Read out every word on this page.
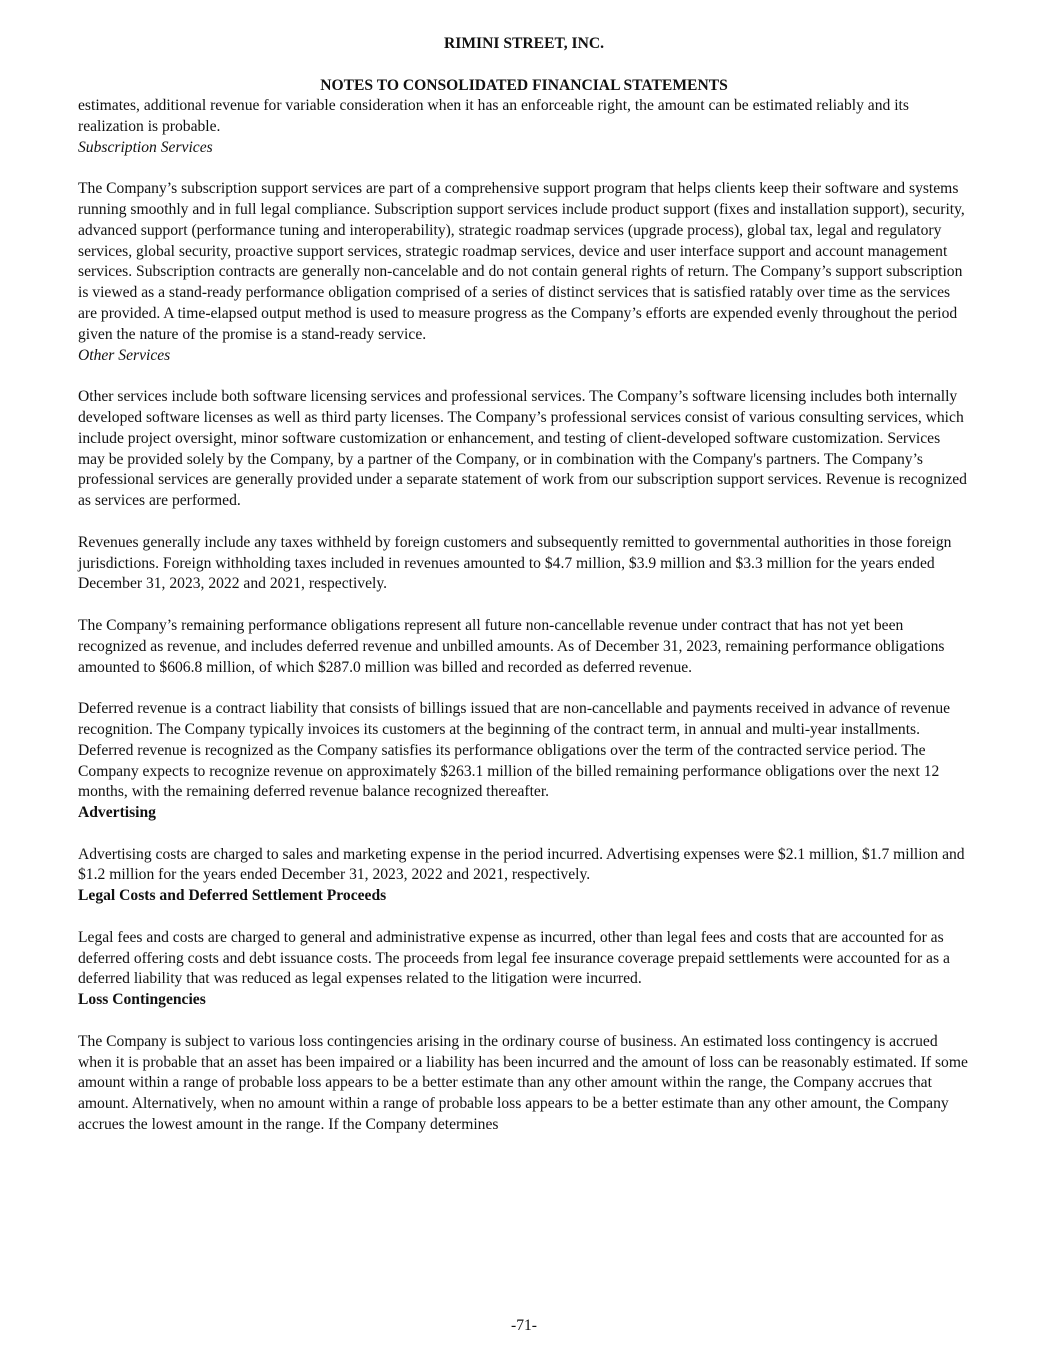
RIMINI STREET, INC.

NOTES TO CONSOLIDATED FINANCIAL STATEMENTS

estimates, additional revenue for variable consideration when it has an enforceable right, the amount can be estimated reliably and its realization is probable.

Subscription Services

The Company’s subscription support services are part of a comprehensive support program that helps clients keep their software and systems running smoothly and in full legal compliance. Subscription support services include product support (fixes and installation support), security, advanced support (performance tuning and interoperability), strategic roadmap services (upgrade process), global tax, legal and regulatory services, global security, proactive support services, strategic roadmap services, device and user interface support and account management services. Subscription contracts are generally non-cancelable and do not contain general rights of return. The Company’s support subscription is viewed as a stand-ready performance obligation comprised of a series of distinct services that is satisfied ratably over time as the services are provided. A time-elapsed output method is used to measure progress as the Company’s efforts are expended evenly throughout the period given the nature of the promise is a stand-ready service.

Other Services

Other services include both software licensing services and professional services. The Company’s software licensing includes both internally developed software licenses as well as third party licenses. The Company’s professional services consist of various consulting services, which include project oversight, minor software customization or enhancement, and testing of client-developed software customization. Services may be provided solely by the Company, by a partner of the Company, or in combination with the Company's partners. The Company’s professional services are generally provided under a separate statement of work from our subscription support services. Revenue is recognized as services are performed.

Revenues generally include any taxes withheld by foreign customers and subsequently remitted to governmental authorities in those foreign jurisdictions. Foreign withholding taxes included in revenues amounted to $4.7 million, $3.9 million and $3.3 million for the years ended December 31, 2023, 2022 and 2021, respectively.

The Company’s remaining performance obligations represent all future non-cancellable revenue under contract that has not yet been recognized as revenue, and includes deferred revenue and unbilled amounts. As of December 31, 2023, remaining performance obligations amounted to $606.8 million, of which $287.0 million was billed and recorded as deferred revenue.

Deferred revenue is a contract liability that consists of billings issued that are non-cancellable and payments received in advance of revenue recognition. The Company typically invoices its customers at the beginning of the contract term, in annual and multi-year installments. Deferred revenue is recognized as the Company satisfies its performance obligations over the term of the contracted service period. The Company expects to recognize revenue on approximately $263.1 million of the billed remaining performance obligations over the next 12 months, with the remaining deferred revenue balance recognized thereafter.

Advertising

Advertising costs are charged to sales and marketing expense in the period incurred. Advertising expenses were $2.1 million, $1.7 million and $1.2 million for the years ended December 31, 2023, 2022 and 2021, respectively.

Legal Costs and Deferred Settlement Proceeds

Legal fees and costs are charged to general and administrative expense as incurred, other than legal fees and costs that are accounted for as deferred offering costs and debt issuance costs. The proceeds from legal fee insurance coverage prepaid settlements were accounted for as a deferred liability that was reduced as legal expenses related to the litigation were incurred.

Loss Contingencies

The Company is subject to various loss contingencies arising in the ordinary course of business. An estimated loss contingency is accrued when it is probable that an asset has been impaired or a liability has been incurred and the amount of loss can be reasonably estimated. If some amount within a range of probable loss appears to be a better estimate than any other amount within the range, the Company accrues that amount. Alternatively, when no amount within a range of probable loss appears to be a better estimate than any other amount, the Company accrues the lowest amount in the range. If the Company determines

-71-
